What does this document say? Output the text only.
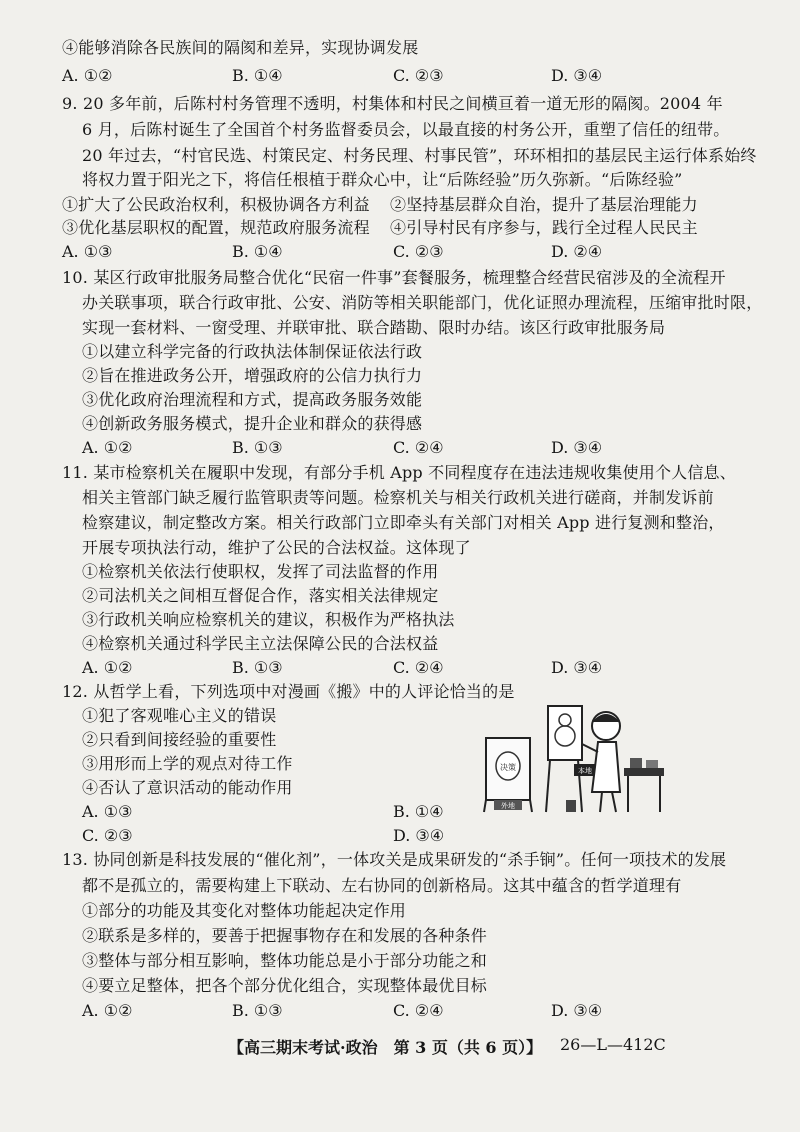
④能够消除各民族间的隔阂和差异，实现协调发展
A. ①②	B. ①④	C. ②③	D. ③④
9. 20 多年前，后陈村村务管理不透明，村集体和村民之间横亘着一道无形的隔阂。2004 年
6 月，后陈村诞生了全国首个村务监督委员会，以最直接的村务公开，重塑了信任的纽带。
20 年过去，“村官民选、村策民定、村务民理、村事民管”，环环相扣的基层民主运行体系始终
将权力置于阳光之下，将信任根植于群众心中，让“后陈经验”历久弥新。“后陈经验”
①扩大了公民政治权利，积极协调各方利益 ②坚持基层群众自治，提升了基层治理能力
③优化基层职权的配置，规范政府服务流程 ④引导村民有序参与，践行全过程人民民主
A. ①③	B. ①④	C. ②③	D. ②④
10. 某区行政审批服务局整合优化“民宿一件事”套餐服务，梳理整合经营民宿涉及的全流程开
办关联事项，联合行政审批、公安、消防等相关职能部门，优化证照办理流程，压缩审批时限，
实现一套材料、一窗受理、并联审批、联合踏勘、限时办结。该区行政审批服务局
①以建立科学完备的行政执法体制保证依法行政
②旨在推进政务公开，增强政府的公信力执行力
③优化政府治理流程和方式，提高政务服务效能
④创新政务服务模式，提升企业和群众的获得感
A. ①②	B. ①③	C. ②④	D. ③④
11. 某市检察机关在履职中发现，有部分手机 App 不同程度存在违法违规收集使用个人信息、
相关主管部门缺乏履行监管职责等问题。检察机关与相关行政机关进行磋商，并制发诉前
检察建议，制定整改方案。相关行政部门立即牵头有关部门对相关 App 进行复测和整治，
开展专项执法行动，维护了公民的合法权益。这体现了
①检察机关依法行使职权，发挥了司法监督的作用
②司法机关之间相互督促合作，落实相关法律规定
③行政机关响应检察机关的建议，积极作为严格执法
④检察机关通过科学民主立法保障公民的合法权益
A. ①②	B. ①③	C. ②④	D. ③④
12. 从哲学上看，下列选项中对漫画《搬》中的人评论恰当的是
①犯了客观唯心主义的错误
②只看到间接经验的重要性
③用形而上学的观点对待工作
④否认了意识活动的能动作用
A. ①③	B. ①④
C. ②③	D. ③④
决策
外地
本地
13. 协同创新是科技发展的“催化剂”，一体攻关是成果研发的“杀手锏”。任何一项技术的发展
都不是孤立的，需要构建上下联动、左右协同的创新格局。这其中蕴含的哲学道理有
①部分的功能及其变化对整体功能起决定作用
②联系是多样的，要善于把握事物存在和发展的各种条件
③整体与部分相互影响，整体功能总是小于部分功能之和
④要立足整体，把各个部分优化组合，实现整体最优目标
A. ①②	B. ①③	C. ②④	D. ③④
【高三期末考试·政治　第 3 页（共 6 页）】 26—L—412C
